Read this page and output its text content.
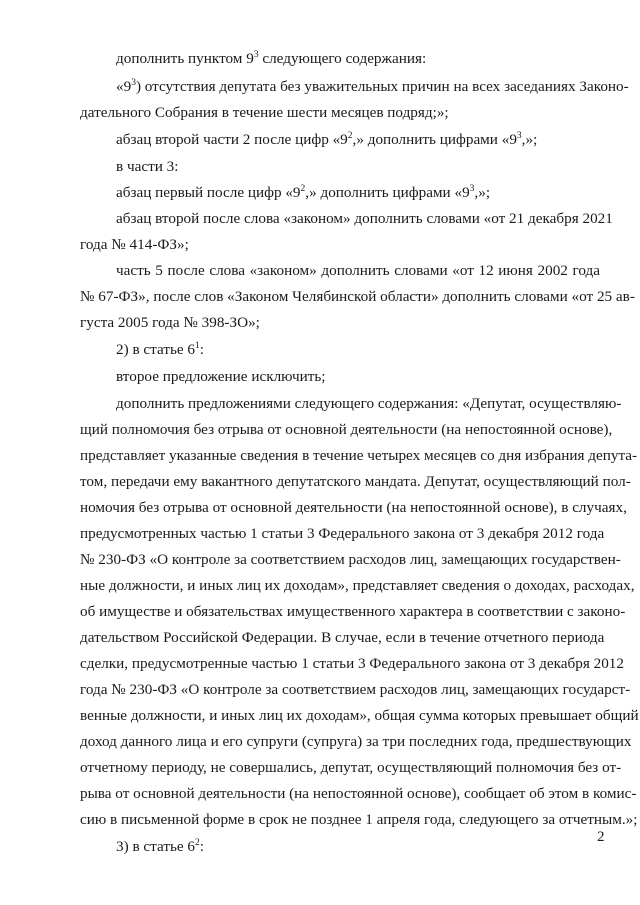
дополнить пунктом $9^3$ следующего содержания:
«$9^3$) отсутствия депутата без уважительных причин на всех заседаниях Законо-
дательного Собрания в течение шести месяцев подряд;»;
абзац второй части 2 после цифр «$9^2$,» дополнить цифрами «$9^3$,»;
в части 3:
абзац первый после цифр «$9^2$,» дополнить цифрами «$9^3$,»;
абзац второй после слова «законом» дополнить словами «от 21 декабря 2021
года № 414-ФЗ»;
часть 5 после слова «законом» дополнить словами «от 12 июня 2002 года
№ 67-ФЗ», после слов «Законом Челябинской области» дополнить словами «от 25 ав-
густа 2005 года № 398-ЗО»;
2) в статье $6^1$:
второе предложение исключить;
дополнить предложениями следующего содержания: «Депутат, осуществляю-
щий полномочия без отрыва от основной деятельности (на непостоянной основе),
представляет указанные сведения в течение четырех месяцев со дня избрания депута-
том, передачи ему вакантного депутатского мандата. Депутат, осуществляющий пол-
номочия без отрыва от основной деятельности (на непостоянной основе), в случаях,
предусмотренных частью 1 статьи 3 Федерального закона от 3 декабря 2012 года
№ 230-ФЗ «О контроле за соответствием расходов лиц, замещающих государствен-
ные должности, и иных лиц их доходам», представляет сведения о доходах, расходах,
об имуществе и обязательствах имущественного характера в соответствии с законо-
дательством Российской Федерации. В случае, если в течение отчетного периода
сделки, предусмотренные частью 1 статьи 3 Федерального закона от 3 декабря 2012
года № 230-ФЗ «О контроле за соответствием расходов лиц, замещающих государст-
венные должности, и иных лиц их доходам», общая сумма которых превышает общий
доход данного лица и его супруги (супруга) за три последних года, предшествующих
отчетному периоду, не совершались, депутат, осуществляющий полномочия без от-
рыва от основной деятельности (на непостоянной основе), сообщает об этом в комис-
сию в письменной форме в срок не позднее 1 апреля года, следующего за отчетным.»;
3) в статье $6^2$:
2
